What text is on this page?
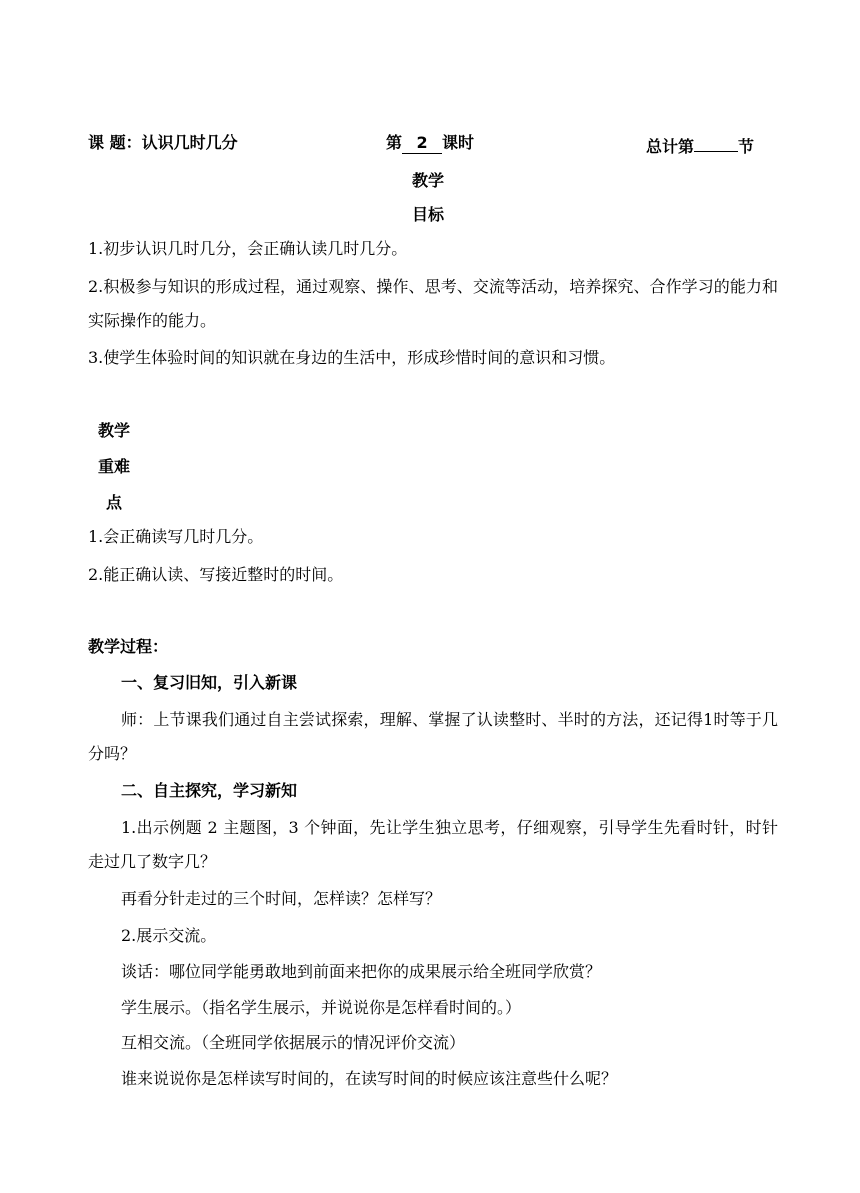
课 题：认识几时几分	第 2 课时	总计第	节
教学
目标
1.初步认识几时几分，会正确认读几时几分。
2.积极参与知识的形成过程，通过观察、操作、思考、交流等活动，培养探究、合作学习的能力和实际操作的能力。
3.使学生体验时间的知识就在身边的生活中，形成珍惜时间的意识和习惯。
教学
重难
点
1.会正确读写几时几分。
2.能正确认读、写接近整时的时间。
教学过程：
一、复习旧知，引入新课
师：上节课我们通过自主尝试探索，理解、掌握了认读整时、半时的方法，还记得1时等于几分吗？
二、自主探究，学习新知
1.出示例题 2 主题图，3 个钟面，先让学生独立思考，仔细观察，引导学生先看时针，时针走过几了数字几？
再看分针走过的三个时间，怎样读？怎样写？
2.展示交流。
谈话：哪位同学能勇敢地到前面来把你的成果展示给全班同学欣赏？
学生展示。（指名学生展示，并说说你是怎样看时间的。）
互相交流。（全班同学依据展示的情况评价交流）
谁来说说你是怎样读写时间的，在读写时间的时候应该注意些什么呢？
